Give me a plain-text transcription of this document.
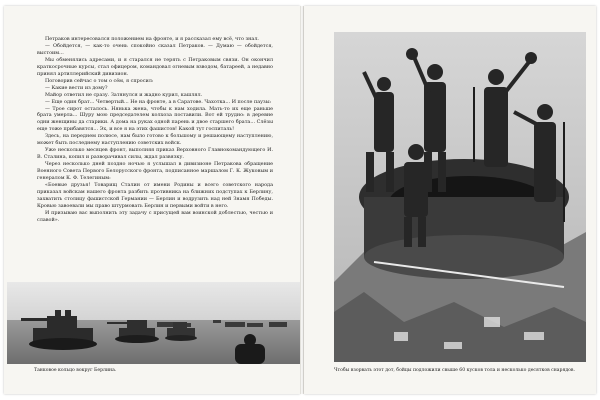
Петраков интересовался положением на фронте, и я рассказал ему всё, что знал.

— Обойдется, — как-то очень спокойно сказал Петраков. — Думаю — обойдется, выстоим...

Мы обменялись адресами, и я старался не терять с Петраковым связи. Он окончил краткосрочные курсы, стал офицером, командовал огневым взводом, батареей, а недавно принял артиллерийский дивизион.

Поговорив сейчас о том о сём, я спросил:

— Какие вести из дому?

Майор ответил не сразу. Затянулся и жадно курил, кашлял.

— Еще один брат... Четвертый... Не на фронте, а в Саратове. Чахотка... И после паузы:

— Трое сирот осталось. Нянька жена, чтобы к нам ходила. Мать-то их еще раньше брата умерла... Шуру мою председателем колхоза поставили. Вот ей трудно: в деревне одни женщины да старики. А дома на руках одной парень и двое старшего брата... Слёзы еще тоже прибавятся... Эх, и все я на этих фашистов! Какой тут госпиталь!

Здесь, на переднем полюсе, нам было готово к большому и решающему наступлению, может быть последнему наступлению советских войск.

Уже несколько месяцев фронт, выполняя приказ Верховного Главнокомандующего И. В. Сталина, копил и разворачивал силы, ждал развязку.

Через несколько дней поздно ночью я услышал в дивизионе Петракова обращение Военного Совета Первого Белорусского фронта, подписанное маршалом Г. К. Жуковым и генералом К. Ф. Телегиным:

«Боевые друзья! Товарищ Сталин от имени Родины и всего советского народа приказал войскам нашего фронта разбить противника на ближних подступах к Берлину, захватить столицу фашистской Германии — Берлин и водрузить над ней Знамя Победы. Кровью завоевали мы право штурмовать Берлин и первыми войти в него.

И призываю вас выполнить эту задачу с присущей вам воинской доблестью, честью и славой».

Танковое кольцо вокруг Берлина.	Чтобы взорвать этот дот, бойцы подложили свыше 60 кусков тола и несколько десятков снарядов.
